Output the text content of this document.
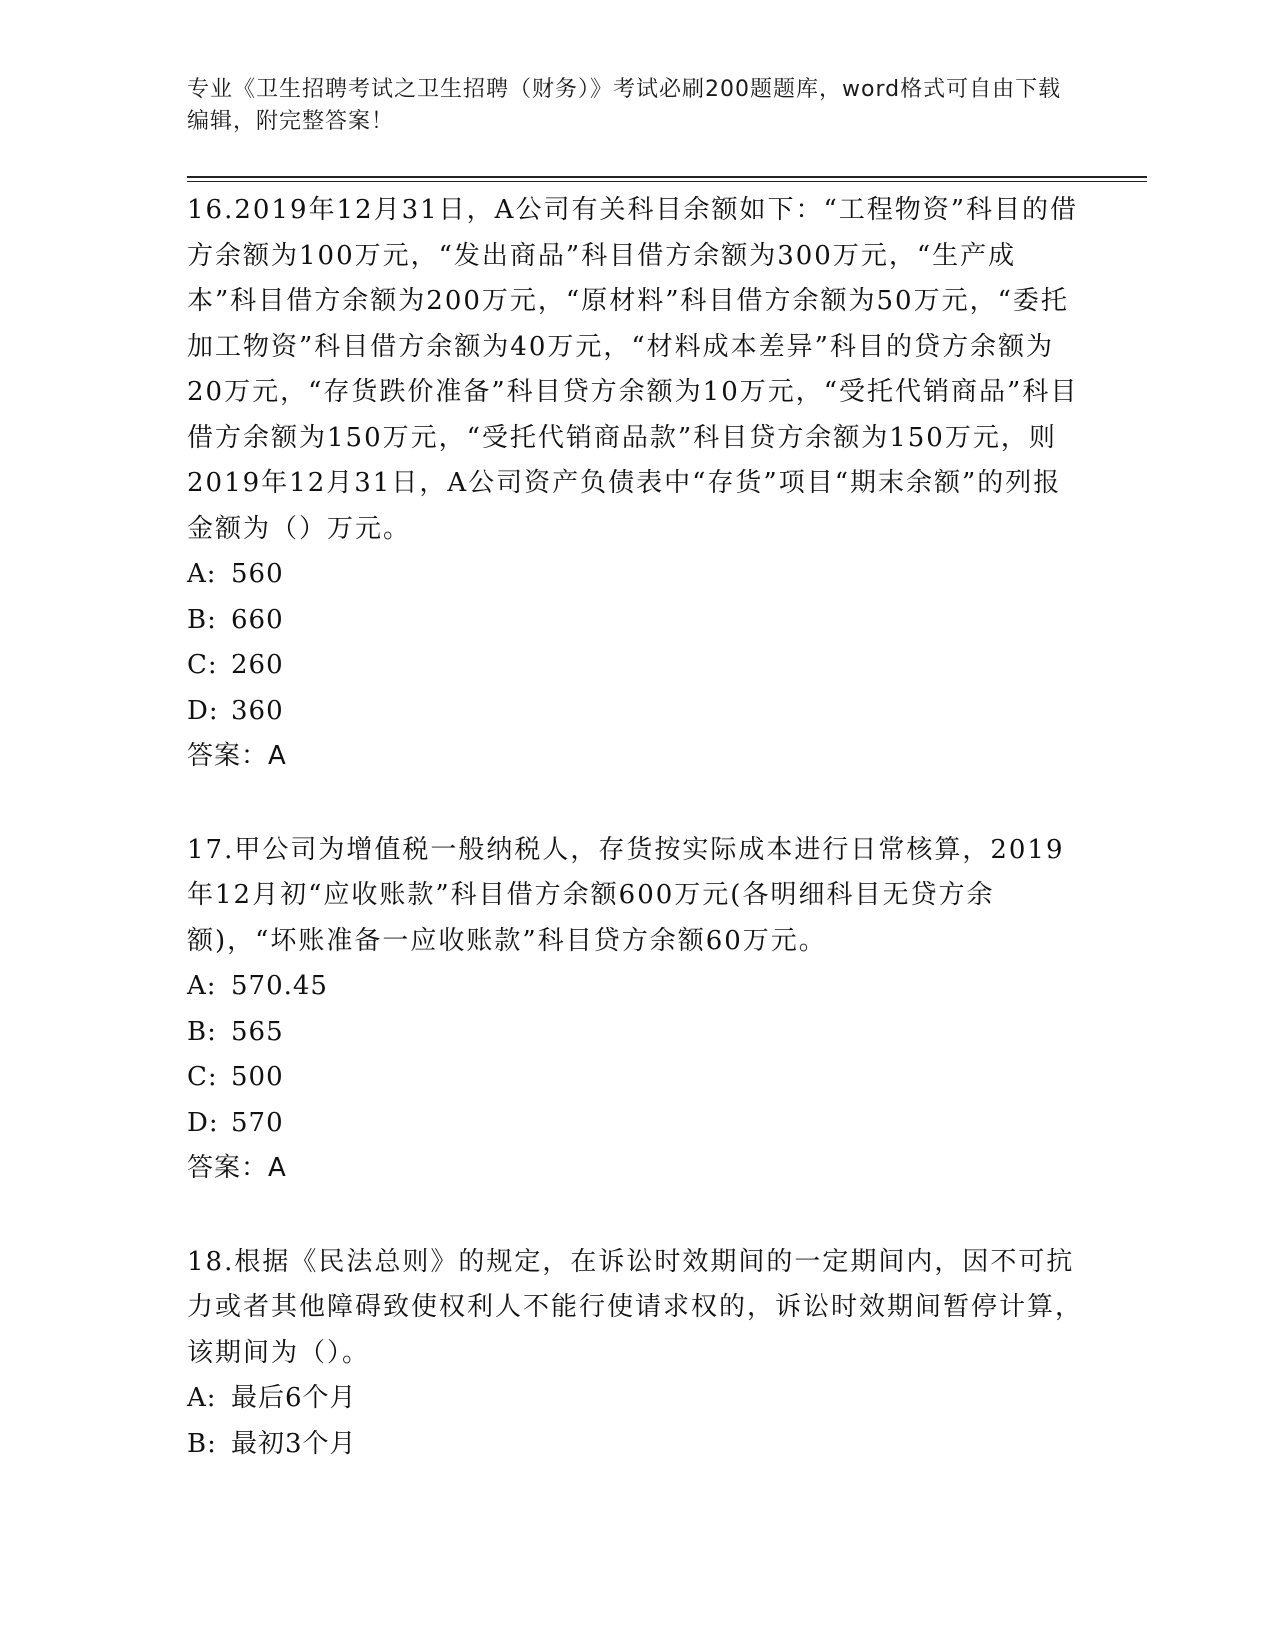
专业《卫生招聘考试之卫生招聘（财务）》考试必刷200题题库，word格式可自由下载编辑，附完整答案！

16.2019年12月31日，A公司有关科目余额如下：“工程物资”科目的借方余额为100万元，“发出商品”科目借方余额为300万元，“生产成本”科目借方余额为200万元，“原材料”科目借方余额为50万元，“委托加工物资”科目借方余额为40万元，“材料成本差异”科目的贷方余额为20万元，“存货跌价准备”科目贷方余额为10万元，“受托代销商品”科目借方余额为150万元，“受托代销商品款”科目贷方余额为150万元，则2019年12月31日，A公司资产负债表中“存货”项目“期末余额”的列报金额为（）万元。

A: 560

B: 660

C: 260

D: 360

答案：A

17.甲公司为增值税一般纳税人，存货按实际成本进行日常核算，2019年12月初“应收账款”科目借方余额600万元(各明细科目无贷方余额)，“坏账准备一应收账款”科目贷方余额60万元。

A: 570.45

B: 565

C: 500

D: 570

答案：A

18.根据《民法总则》的规定，在诉讼时效期间的一定期间内，因不可抗力或者其他障碍致使权利人不能行使请求权的，诉讼时效期间暂停计算，该期间为（）。

A: 最后6个月

B: 最初3个月
